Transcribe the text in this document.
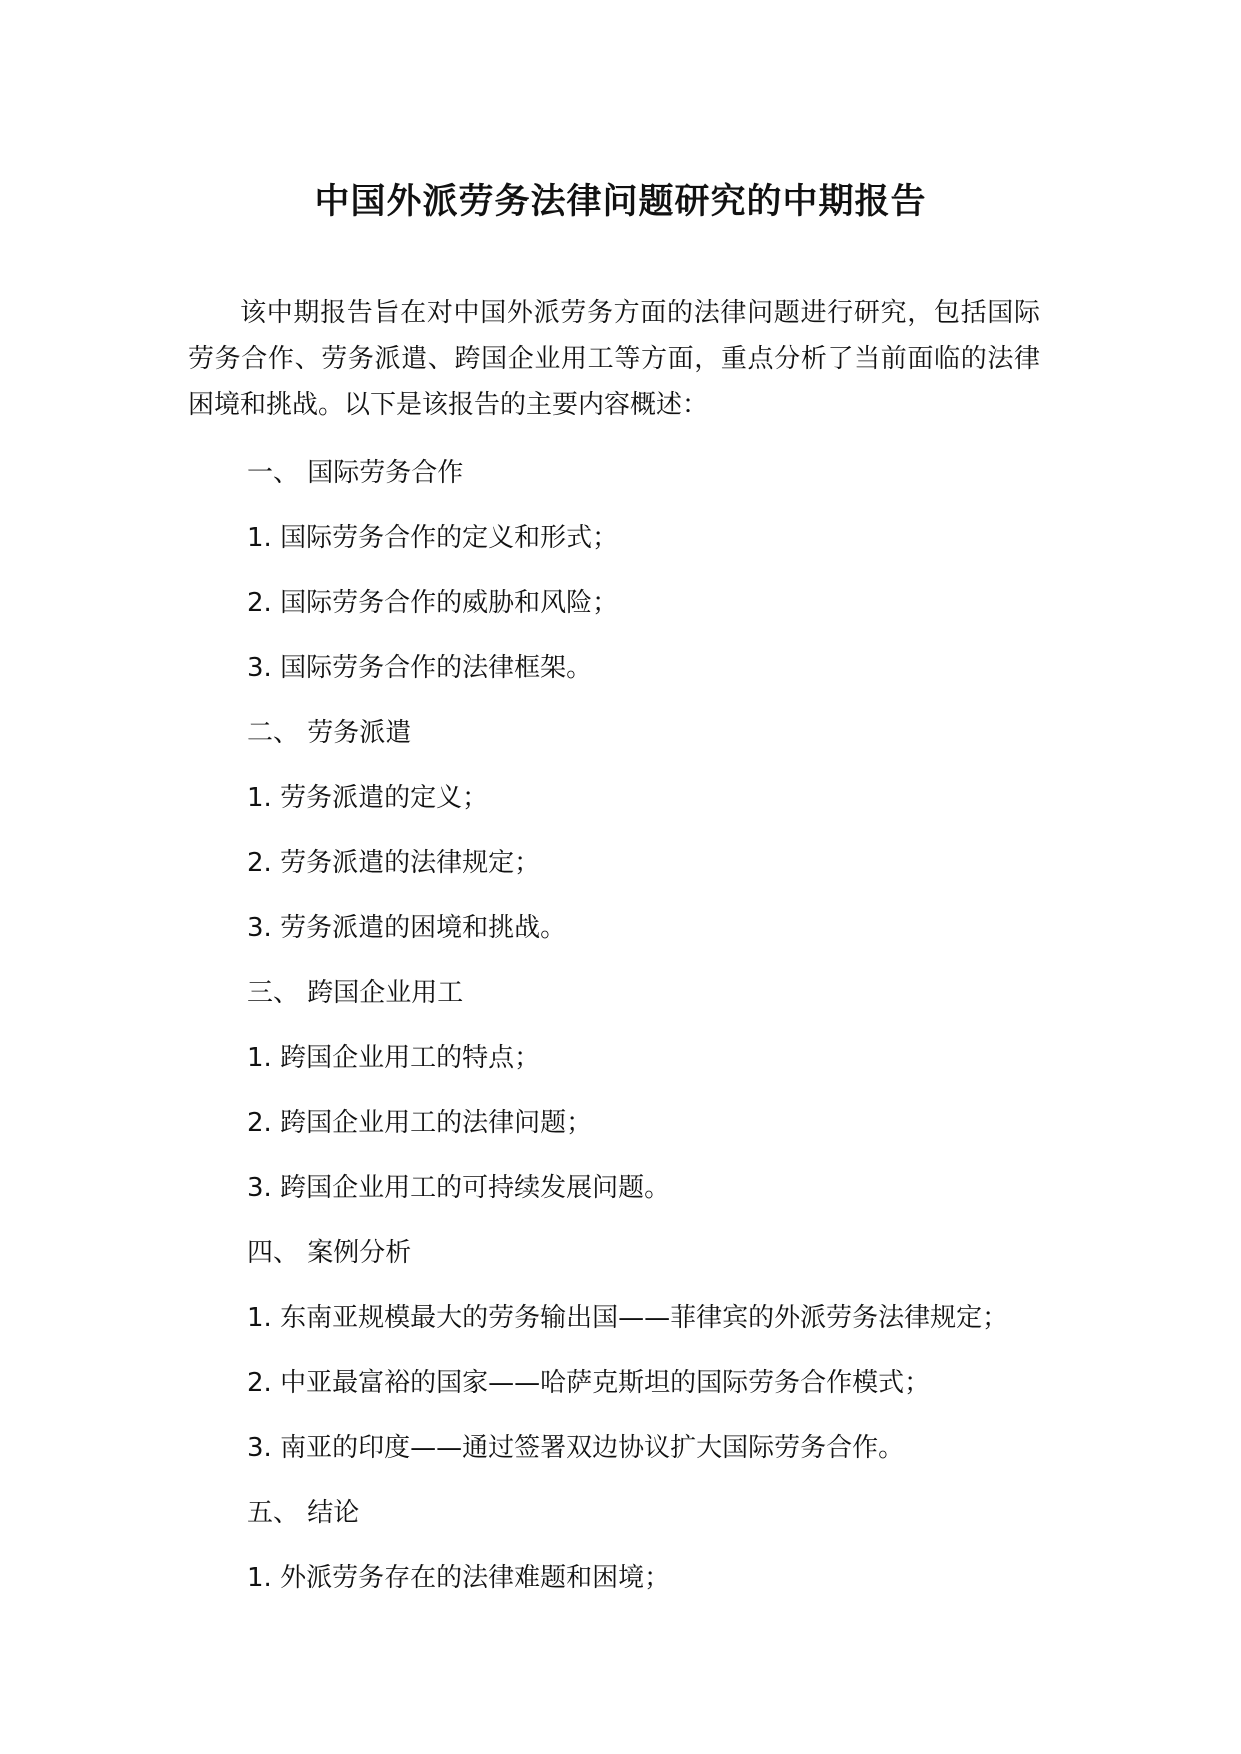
中国外派劳务法律问题研究的中期报告
该中期报告旨在对中国外派劳务方面的法律问题进行研究，包括国际劳务合作、劳务派遣、跨国企业用工等方面，重点分析了当前面临的法律困境和挑战。以下是该报告的主要内容概述：
一、 国际劳务合作
1. 国际劳务合作的定义和形式；
2. 国际劳务合作的威胁和风险；
3. 国际劳务合作的法律框架。
二、 劳务派遣
1. 劳务派遣的定义；
2. 劳务派遣的法律规定；
3. 劳务派遣的困境和挑战。
三、 跨国企业用工
1. 跨国企业用工的特点；
2. 跨国企业用工的法律问题；
3. 跨国企业用工的可持续发展问题。
四、 案例分析
1. 东南亚规模最大的劳务输出国——菲律宾的外派劳务法律规定；
2. 中亚最富裕的国家——哈萨克斯坦的国际劳务合作模式；
3. 南亚的印度——通过签署双边协议扩大国际劳务合作。
五、 结论
1. 外派劳务存在的法律难题和困境；
